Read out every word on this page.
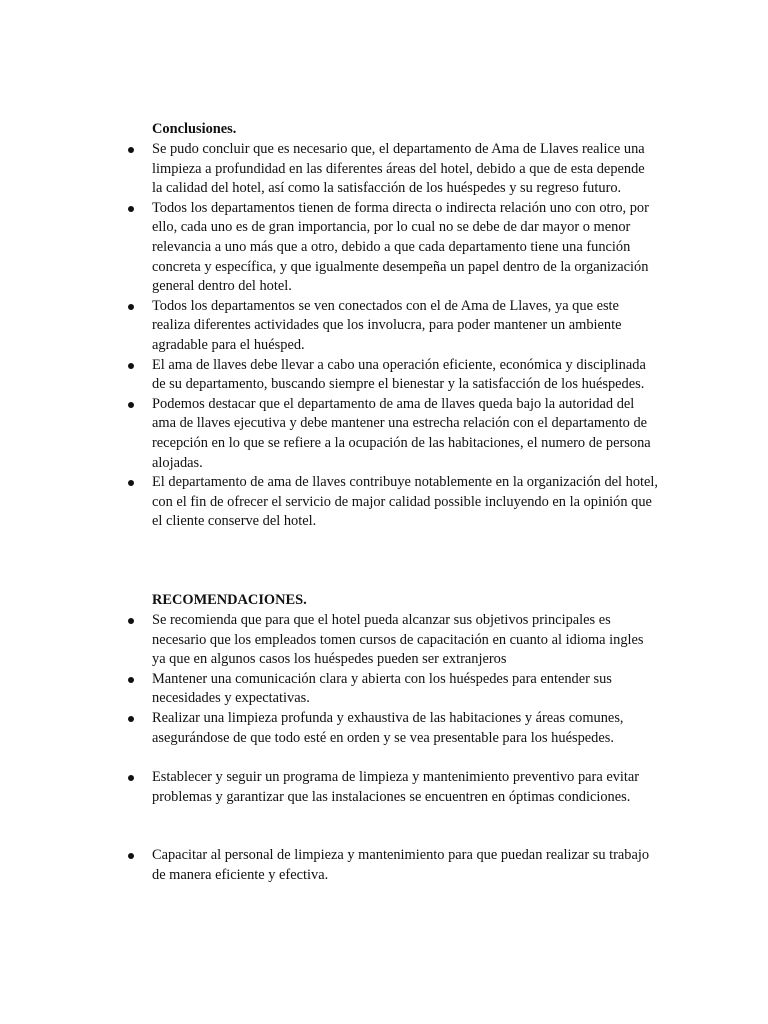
Conclusiones.
Se pudo concluir que es necesario que, el departamento de Ama de Llaves realice una limpieza a profundidad en las diferentes áreas del hotel, debido a que de esta depende la calidad del hotel, así como la satisfacción de los huéspedes y su regreso futuro.
Todos los departamentos tienen de forma directa o indirecta relación uno con otro, por ello, cada uno es de gran importancia, por lo cual no se debe de dar mayor o menor relevancia a uno más que a otro, debido a que cada departamento tiene una función concreta y específica, y que igualmente desempeña un papel dentro de la organización general dentro del hotel.
Todos los departamentos se ven conectados con el de Ama de Llaves, ya que este realiza diferentes actividades que los involucra, para poder mantener un ambiente agradable para el huésped.
El ama de llaves debe llevar a cabo una operación eficiente, económica y disciplinada de su departamento, buscando siempre el bienestar y la satisfacción de los huéspedes.
Podemos destacar que el departamento de ama de llaves queda bajo la autoridad del ama de llaves ejecutiva y debe mantener una estrecha relación con el departamento de recepción en lo que se refiere a la ocupación de las habitaciones, el numero de persona alojadas.
El departamento de ama de llaves contribuye notablemente en la organización del hotel, con el fin de ofrecer el servicio de major calidad possible incluyendo en la opinión que el cliente conserve del hotel.
RECOMENDACIONES.
Se recomienda que para que el hotel pueda alcanzar sus objetivos principales es necesario que los empleados tomen cursos de capacitación en cuanto al idioma ingles ya que en algunos casos los huéspedes pueden ser extranjeros
Mantener una comunicación clara y abierta con los huéspedes para entender sus necesidades y expectativas.
Realizar una limpieza profunda y exhaustiva de las habitaciones y áreas comunes, asegurándose de que todo esté en orden y se vea presentable para los huéspedes.
Establecer y seguir un programa de limpieza y mantenimiento preventivo para evitar problemas y garantizar que las instalaciones se encuentren en óptimas condiciones.
Capacitar al personal de limpieza y mantenimiento para que puedan realizar su trabajo de manera eficiente y efectiva.
